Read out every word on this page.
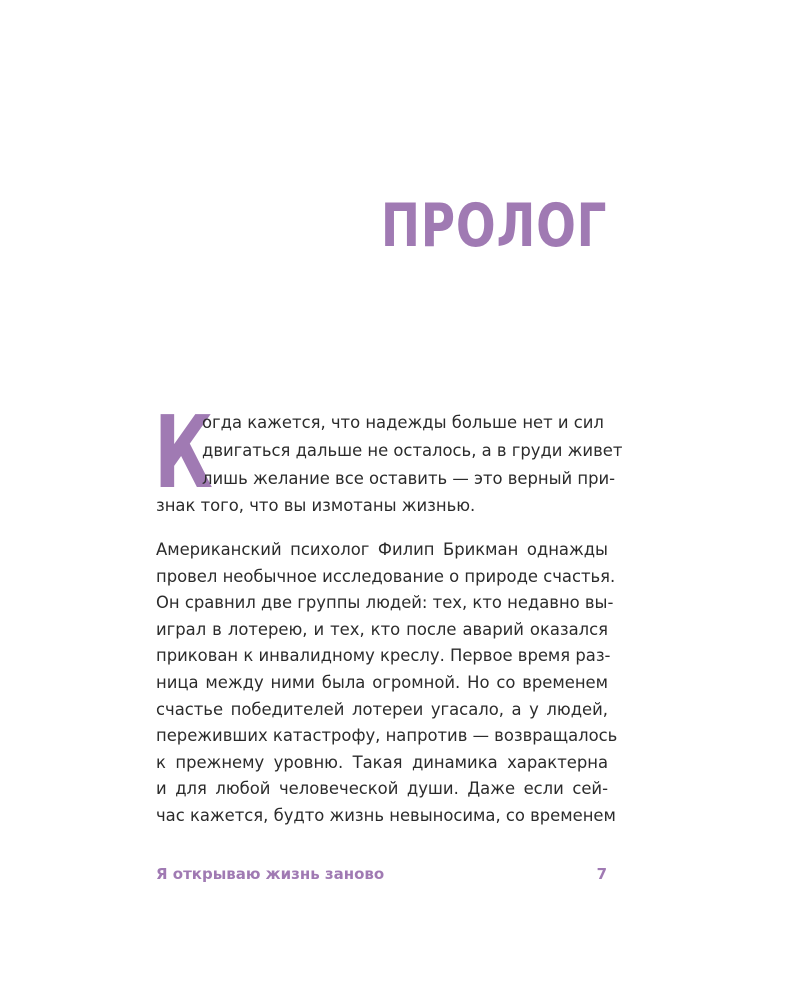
ПРОЛОГ
К
огда кажется, что надежды больше нет и сил
двигаться дальше не осталось, а в груди живет
лишь желание все оставить — это верный при-
знак того, что вы измотаны жизнью.
Американский психолог Филип Брикман однажды
провел необычное исследование о природе счастья.
Он сравнил две группы людей: тех, кто недавно вы-
играл в лотерею, и тех, кто после аварий оказался
прикован к инвалидному креслу. Первое время раз-
ница между ними была огромной. Но со временем
счастье победителей лотереи угасало, а у людей,
переживших катастрофу, напротив — возвращалось
к прежнему уровню. Такая динамика характерна
и для любой человеческой души. Даже если сей-
час кажется, будто жизнь невыносима, со временем
Я открываю жизнь заново	7
